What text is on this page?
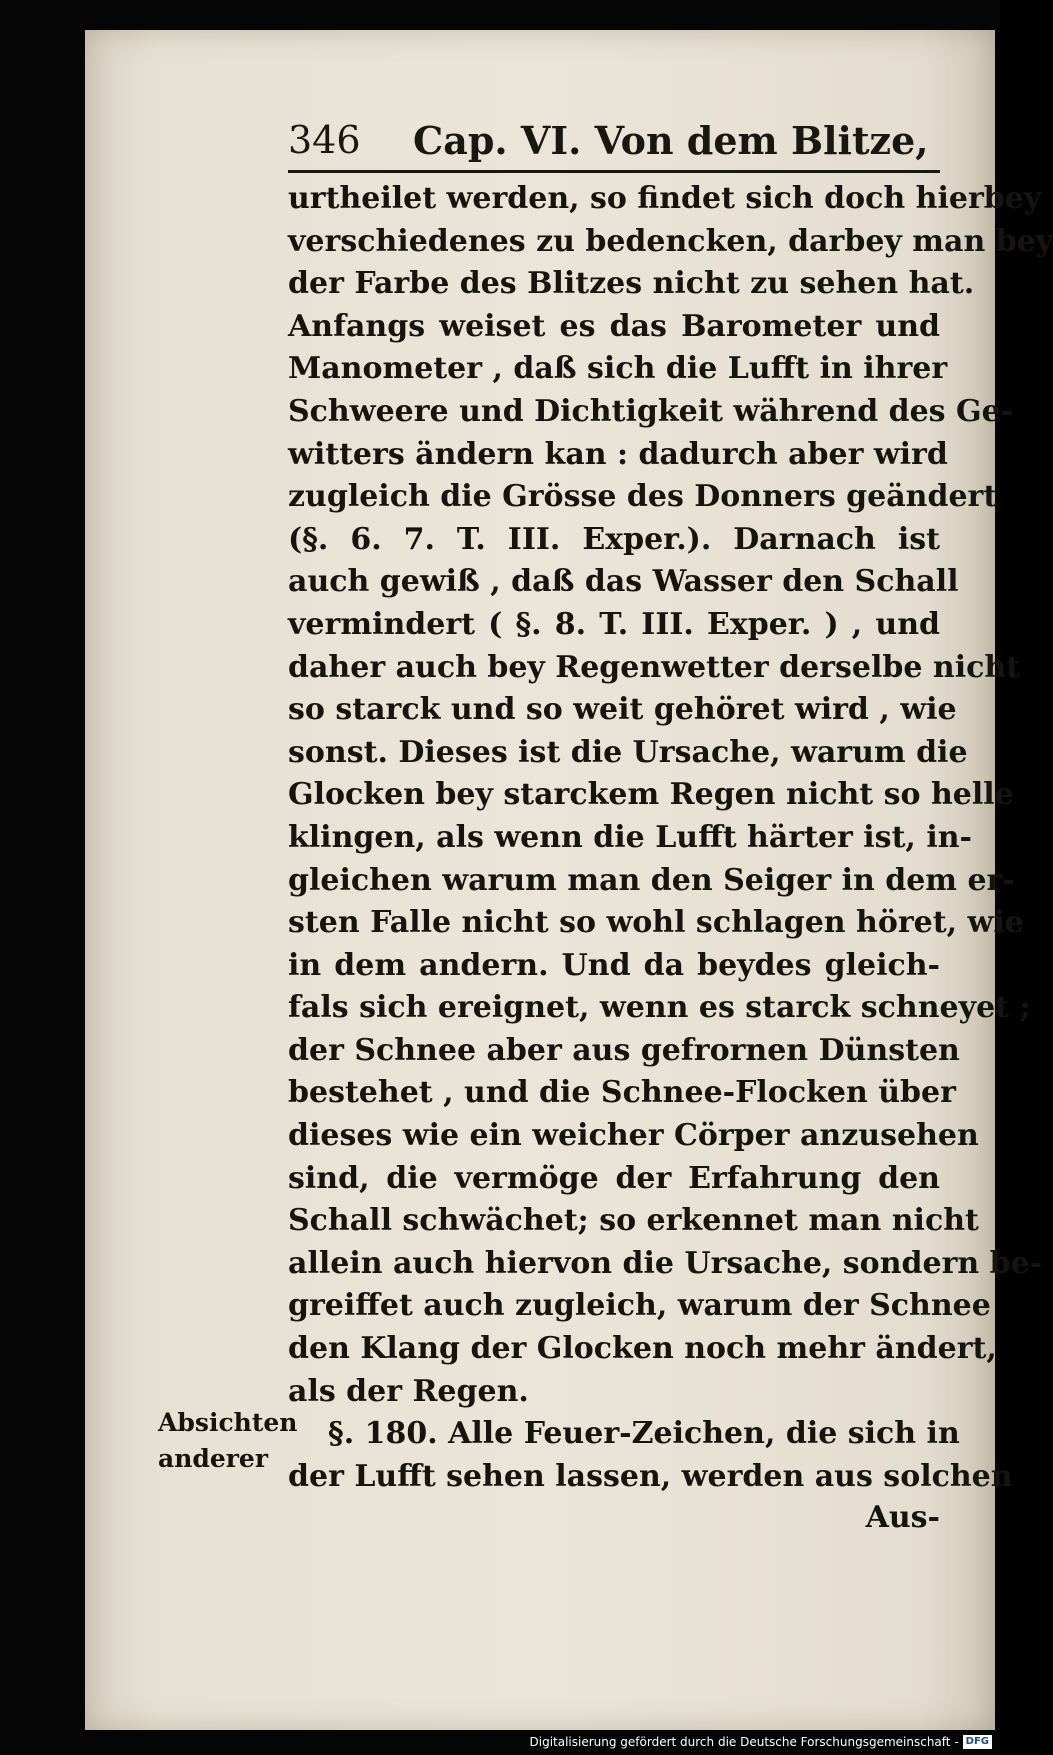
346 Cap. VI. Von dem Blitze,
urtheilet werden, so findet sich doch hierbey
verschiedenes zu bedencken, darbey man bey
der Farbe des Blitzes nicht zu sehen hat.
Anfangs weiset es das Barometer und
Manometer , daß sich die Lufft in ihrer
Schweere und Dichtigkeit während des Ge-
witters ändern kan : dadurch aber wird
zugleich die Grösse des Donners geändert
(§. 6. 7. T. III. Exper.). Darnach ist
auch gewiß , daß das Wasser den Schall
vermindert ( §. 8. T. III. Exper. ) , und
daher auch bey Regenwetter derselbe nicht
so starck und so weit gehöret wird , wie
sonst. Dieses ist die Ursache, warum die
Glocken bey starckem Regen nicht so helle
klingen, als wenn die Lufft härter ist, in-
gleichen warum man den Seiger in dem er-
sten Falle nicht so wohl schlagen höret, wie
in dem andern. Und da beydes gleich-
fals sich ereignet, wenn es starck schneyet ;
der Schnee aber aus gefrornen Dünsten
bestehet , und die Schnee-Flocken über
dieses wie ein weicher Cörper anzusehen
sind, die vermöge der Erfahrung den
Schall schwächet; so erkennet man nicht
allein auch hiervon die Ursache, sondern be-
greiffet auch zugleich, warum der Schnee
den Klang der Glocken noch mehr ändert,
als der Regen.
§. 180. Alle Feuer-Zeichen, die sich in
der Lufft sehen lassen, werden aus solchen
Absichten
anderer
Aus-
Digitalisierung gefördert durch die Deutsche Forschungsgemeinschaft - DFG
